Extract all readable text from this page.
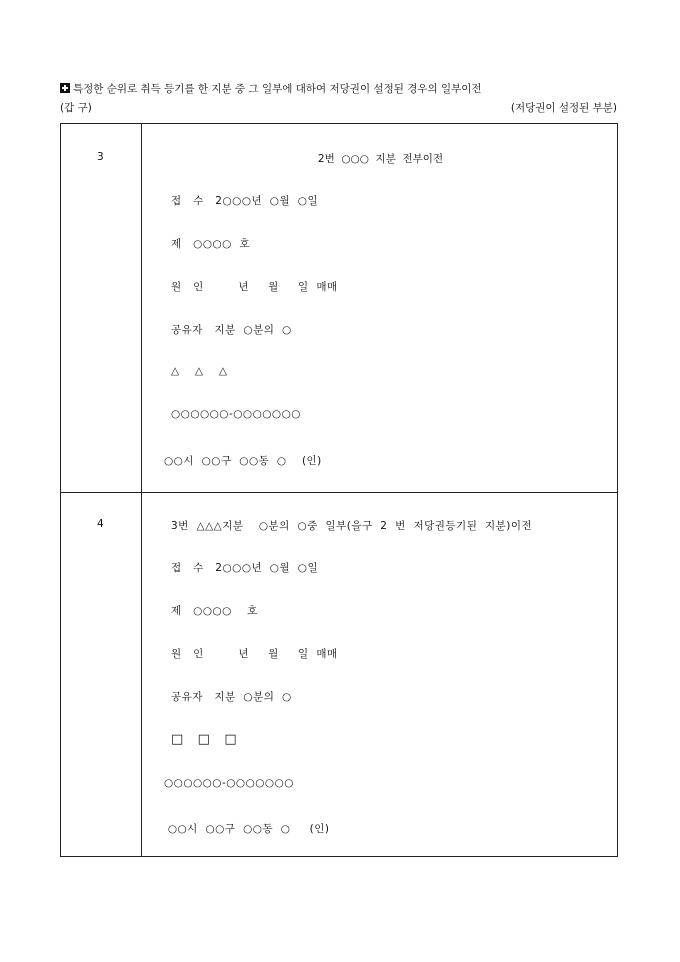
특정한 순위로 취득 등기를 한 지분 중 그 일부에 대하여 저당권이 설정된 경우의 일부이전
(갑 구)	(저당권이 설정된 부분)
3	2번  ○○○  지분  전부이전
접   수   2○○○년  ○월  ○일
제   ○○○○  호
원   인         년     월     일  매매
공유자   지분  ○분의  ○
△    △    △
○○○○○○-○○○○○○○
○○시  ○○구  ○○동  ○    (인)
4	3번  △△△지분    ○분의  ○중  일부(을구  2  번  저당권등기된  지분)이전
접   수   2○○○년  ○월  ○일
제   ○○○○    호
원   인         년     월     일  매매
공유자   지분  ○분의  ○
□   □   □
○○○○○○-○○○○○○○
○○시  ○○구  ○○동  ○     (인)
